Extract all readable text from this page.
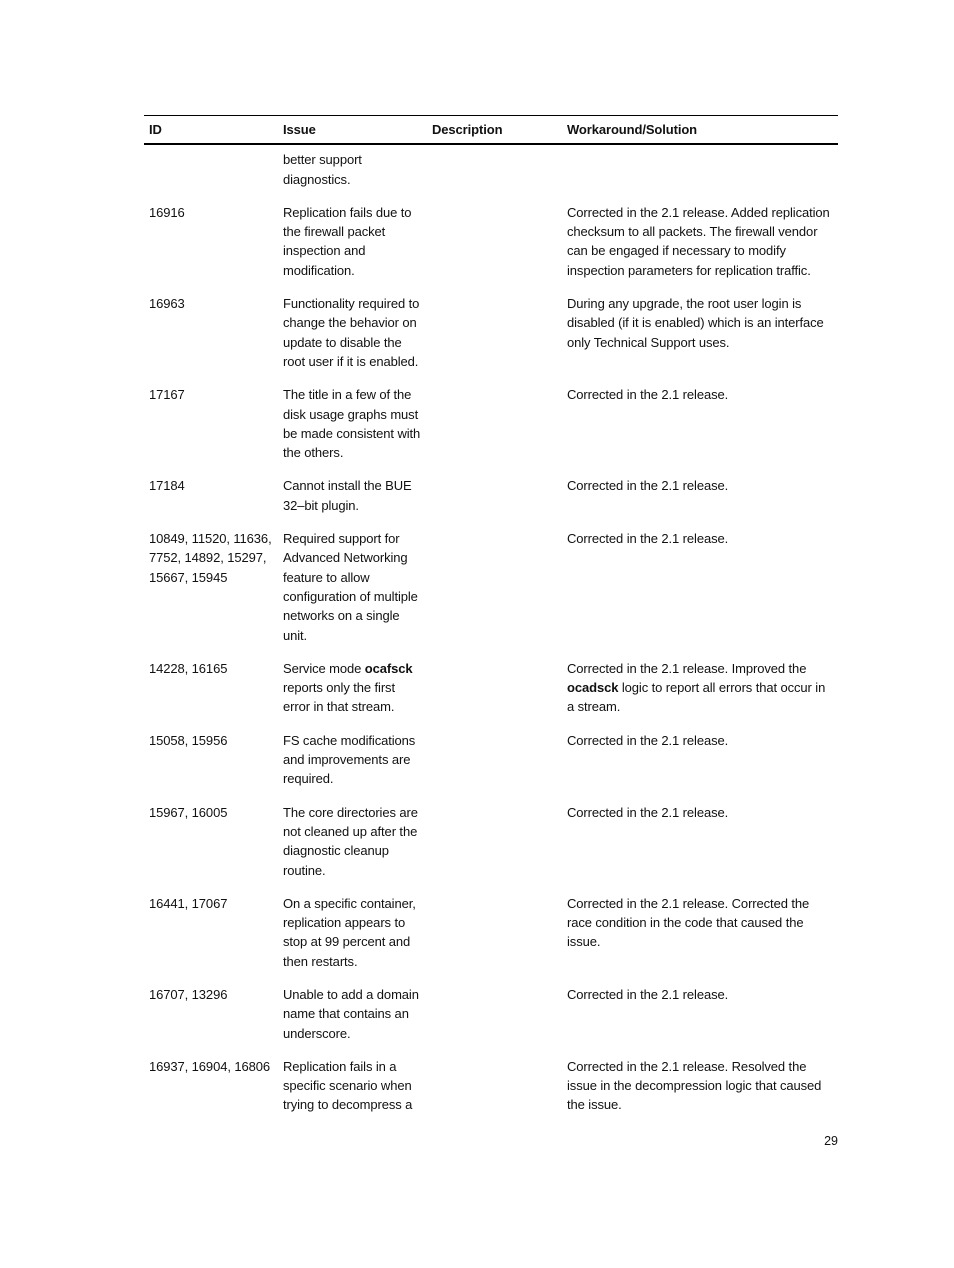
ID	Issue	Description	Workaround/Solution
	better support diagnostics.		
16916	Replication fails due to the firewall packet inspection and modification.		Corrected in the 2.1 release. Added replication checksum to all packets. The firewall vendor can be engaged if necessary to modify inspection parameters for replication traffic.
16963	Functionality required to change the behavior on update to disable the root user if it is enabled.		During any upgrade, the root user login is disabled (if it is enabled) which is an interface only Technical Support uses.
17167	The title in a few of the disk usage graphs must be made consistent with the others.		Corrected in the 2.1 release.
17184	Cannot install the BUE 32–bit plugin.		Corrected in the 2.1 release.
10849, 11520, 11636, 7752, 14892, 15297, 15667, 15945	Required support for Advanced Networking feature to allow configuration of multiple networks on a single unit.		Corrected in the 2.1 release.
14228, 16165	Service mode ocafsck reports only the first error in that stream.		Corrected in the 2.1 release. Improved the ocadsck logic to report all errors that occur in a stream.
15058, 15956	FS cache modifications and improvements are required.		Corrected in the 2.1 release.
15967, 16005	The core directories are not cleaned up after the diagnostic cleanup routine.		Corrected in the 2.1 release.
16441, 17067	On a specific container, replication appears to stop at 99 percent and then restarts.		Corrected in the 2.1 release. Corrected the race condition in the code that caused the issue.
16707, 13296	Unable to add a domain name that contains an underscore.		Corrected in the 2.1 release.
16937, 16904, 16806	Replication fails in a specific scenario when trying to decompress a		Corrected in the 2.1 release. Resolved the issue in the decompression logic that caused the issue.
29
